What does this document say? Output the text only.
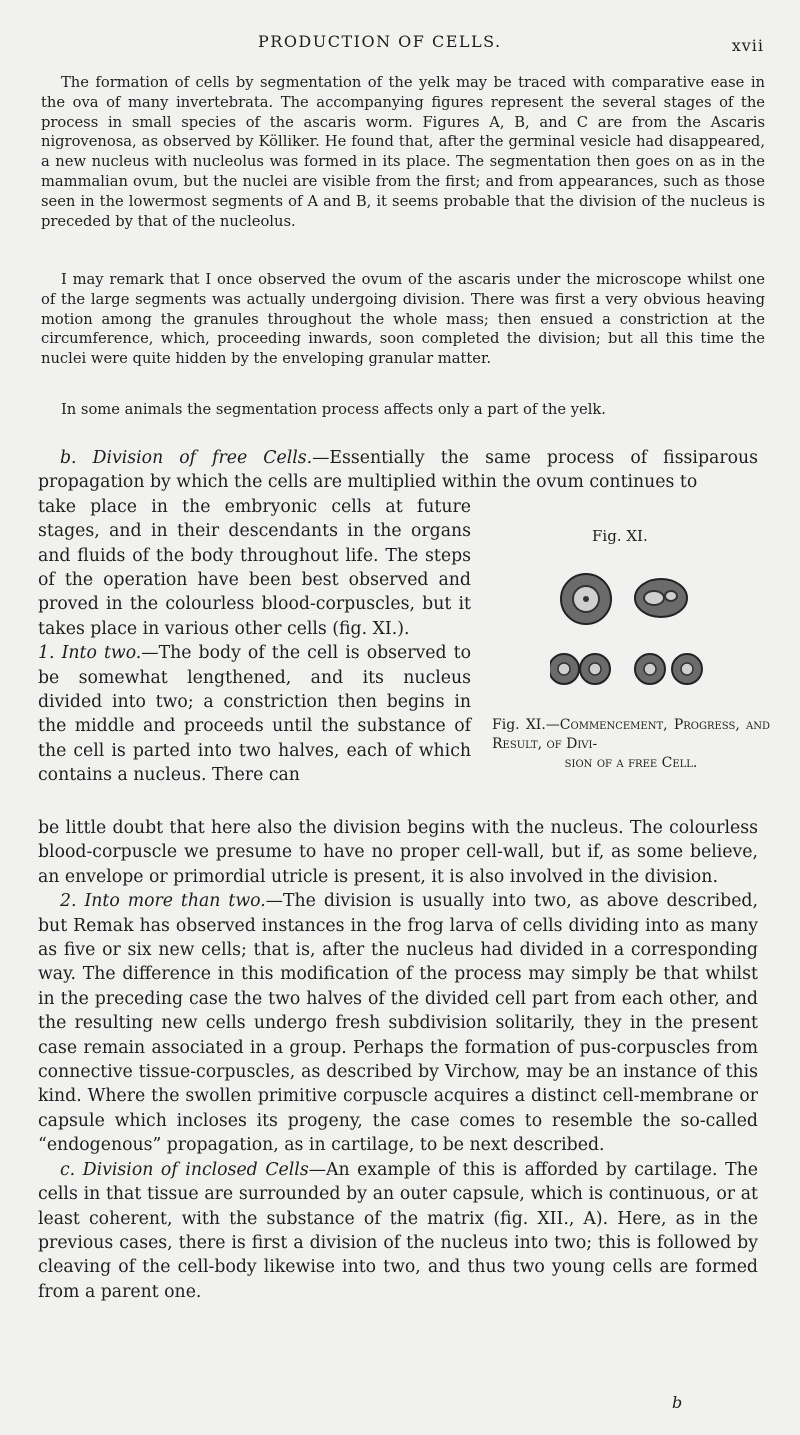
PRODUCTION OF CELLS.	xvii

The formation of cells by segmentation of the yelk may be traced with comparative ease in the ova of many invertebrata. The accompanying figures represent the several stages of the process in small species of the ascaris worm. Figures A, B, and C are from the Ascaris nigrovenosa, as observed by Kölliker. He found that, after the germinal vesicle had disappeared, a new nucleus with nucleolus was formed in its place. The segmentation then goes on as in the mammalian ovum, but the nuclei are visible from the first; and from appearances, such as those seen in the lowermost segments of A and B, it seems probable that the division of the nucleus is preceded by that of the nucleolus.

I may remark that I once observed the ovum of the ascaris under the microscope whilst one of the large segments was actually undergoing division. There was first a very obvious heaving motion among the granules throughout the whole mass; then ensued a constriction at the circumference, which, proceeding inwards, soon completed the division; but all this time the nuclei were quite hidden by the enveloping granular matter.

In some animals the segmentation process affects only a part of the yelk.

b. Division of free Cells.—Essentially the same process of fissiparous propagation by which the cells are multiplied within the ovum continues to

take place in the embryonic cells at future stages, and in their descendants in the organs and fluids of the body throughout life. The steps of the operation have been best observed and proved in the colourless blood-corpuscles, but it takes place in various other cells (fig. XI.).

1. Into two.—The body of the cell is observed to be somewhat lengthened, and its nucleus divided into two; a constriction then begins in the middle and proceeds until the substance of the cell is parted into two halves, each of which contains a nucleus. There can

be little doubt that here also the division begins with the nucleus. The colourless blood-corpuscle we presume to have no proper cell-wall, but if, as some believe, an envelope or primordial utricle is present, it is also involved in the division.

2. Into more than two.—The division is usually into two, as above described, but Remak has observed instances in the frog larva of cells dividing into as many as five or six new cells; that is, after the nucleus had divided in a corresponding way. The difference in this modification of the process may simply be that whilst in the preceding case the two halves of the divided cell part from each other, and the resulting new cells undergo fresh subdivision solitarily, they in the present case remain associated in a group. Perhaps the formation of pus-corpuscles from connective tissue-corpuscles, as described by Virchow, may be an instance of this kind. Where the swollen primitive corpuscle acquires a distinct cell-membrane or capsule which incloses its progeny, the case comes to resemble the so-called “endogenous” propagation, as in cartilage, to be next described.

c. Division of inclosed Cells—An example of this is afforded by cartilage. The cells in that tissue are surrounded by an outer capsule, which is continuous, or at least coherent, with the substance of the matrix (fig. XII., A). Here, as in the previous cases, there is first a division of the nucleus into two; this is followed by cleaving of the cell-body likewise into two, and thus two young cells are formed from a parent one.

Fig. XI.
Fig. XI.—Commencement, Progress, and Result, of Divi-
sion of a free Cell.
b
